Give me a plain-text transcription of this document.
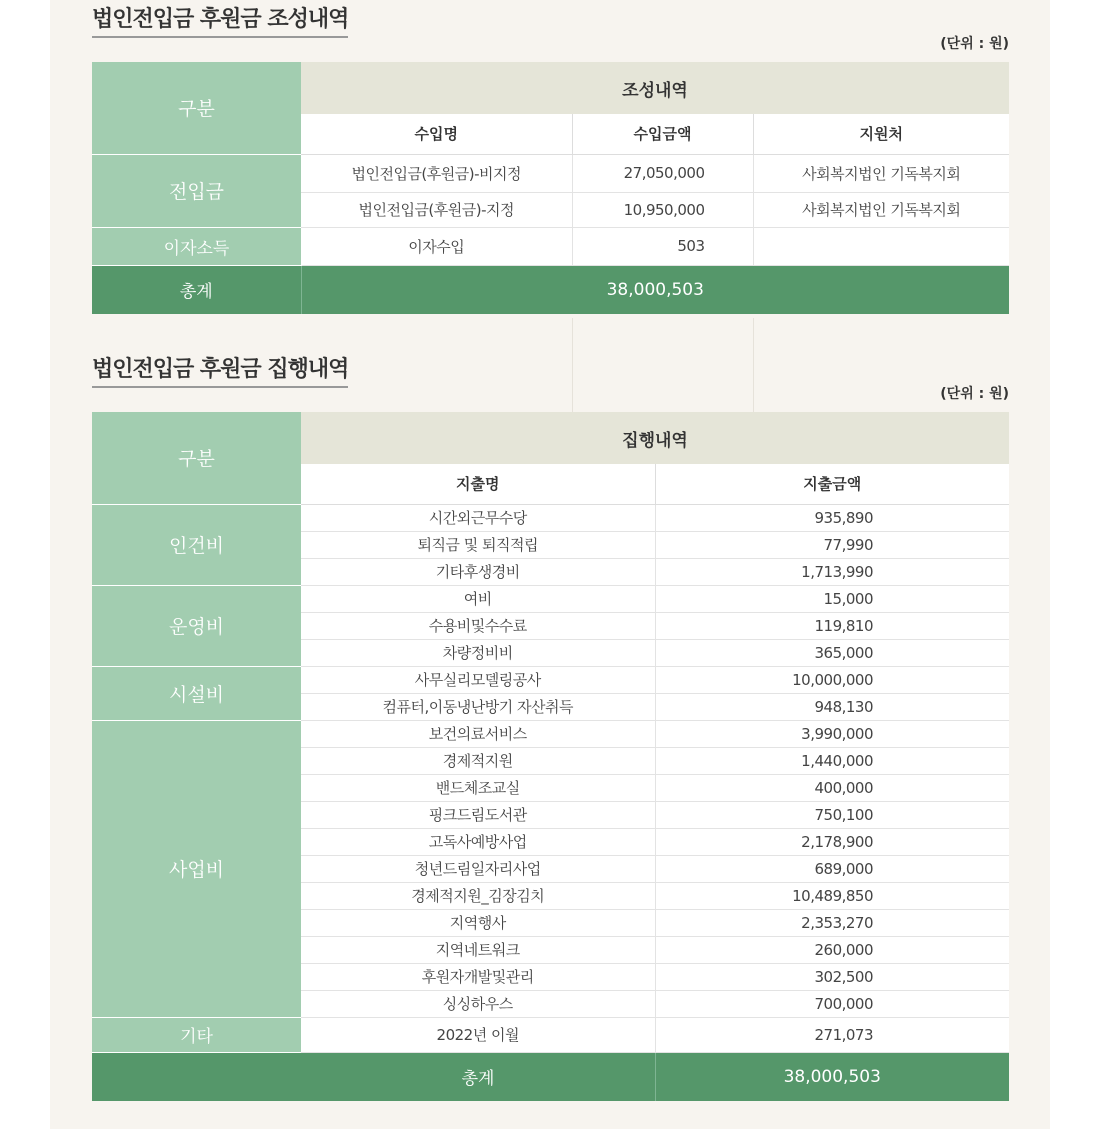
법인전입금 후원금 조성내역
(단위 : 원)
구분	조성내역		
	수입명	수입금액	지원처
전입금	법인전입금(후원금)-비지정	27,050,000	사회복지법인 기독복지회
	법인전입금(후원금)-지정	10,950,000	사회복지법인 기독복지회
이자소득	이자수입	503	
총계	38,000,503		
법인전입금 후원금 집행내역
(단위 : 원)
구분	집행내역	
	지출명	지출금액
인건비	시간외근무수당	935,890
	퇴직금 및 퇴직적립	77,990
	기타후생경비	1,713,990
운영비	여비	15,000
	수용비및수수료	119,810
	차량정비비	365,000
시설비	사무실리모델링공사	10,000,000
	컴퓨터,이동냉난방기 자산취득	948,130
사업비	보건의료서비스	3,990,000
	경제적지원	1,440,000
	밴드체조교실	400,000
	핑크드림도서관	750,100
	고독사예방사업	2,178,900
	청년드림일자리사업	689,000
	경제적지원_김장김치	10,489,850
	지역행사	2,353,270
	지역네트워크	260,000
	후원자개발및관리	302,500
	싱싱하우스	700,000
기타	2022년 이월	271,073
총계		38,000,503
